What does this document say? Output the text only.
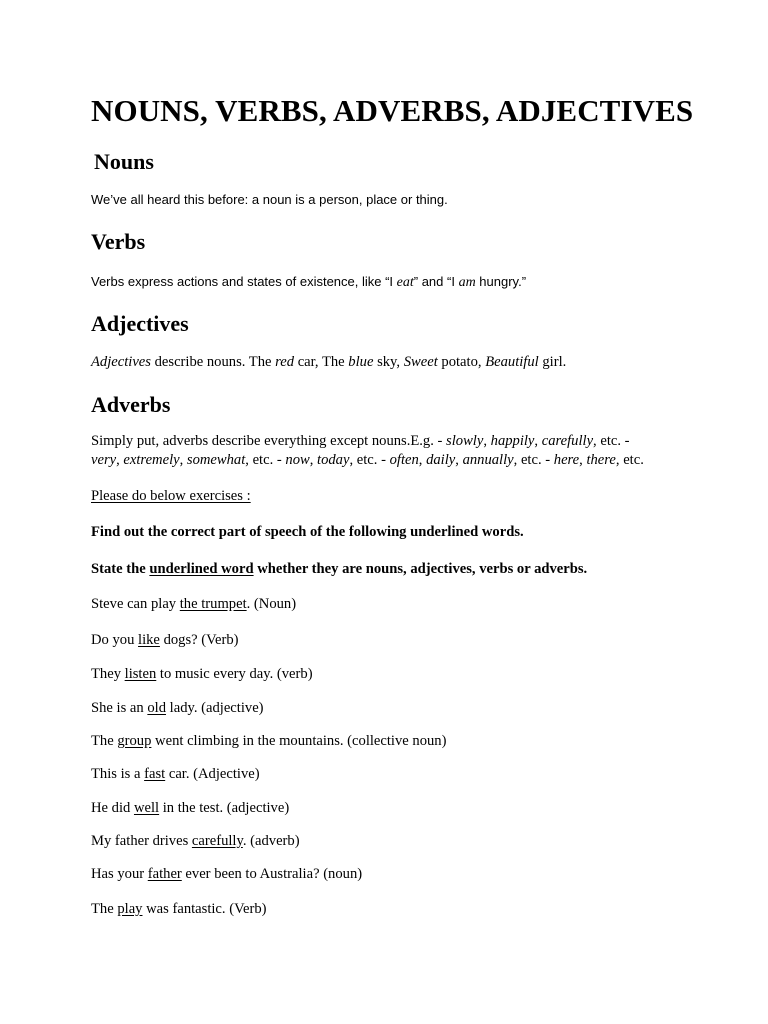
NOUNS, VERBS, ADVERBS, ADJECTIVES
Nouns
We’ve all heard this before: a noun is a person, place or thing.
Verbs
Verbs express actions and states of existence, like “I eat” and “I am hungry.”
Adjectives
Adjectives describe nouns. The red car, The blue sky, Sweet potato, Beautiful girl.
Adverbs
Simply put, adverbs describe everything except nouns.E.g. - slowly, happily, carefully, etc. -
very, extremely, somewhat, etc. - now, today, etc. - often, daily, annually, etc. - here, there, etc.
Please do below exercises :
Find out the correct part of speech of the following underlined words.
State the underlined word whether they are nouns, adjectives, verbs or adverbs.
Steve can play the trumpet. (Noun)
Do you like dogs? (Verb)
They listen to music every day. (verb)
She is an old lady. (adjective)
The group went climbing in the mountains. (collective noun)
This is a fast car. (Adjective)
He did well in the test. (adjective)
My father drives carefully. (adverb)
Has your father ever been to Australia? (noun)
The play was fantastic. (Verb)
